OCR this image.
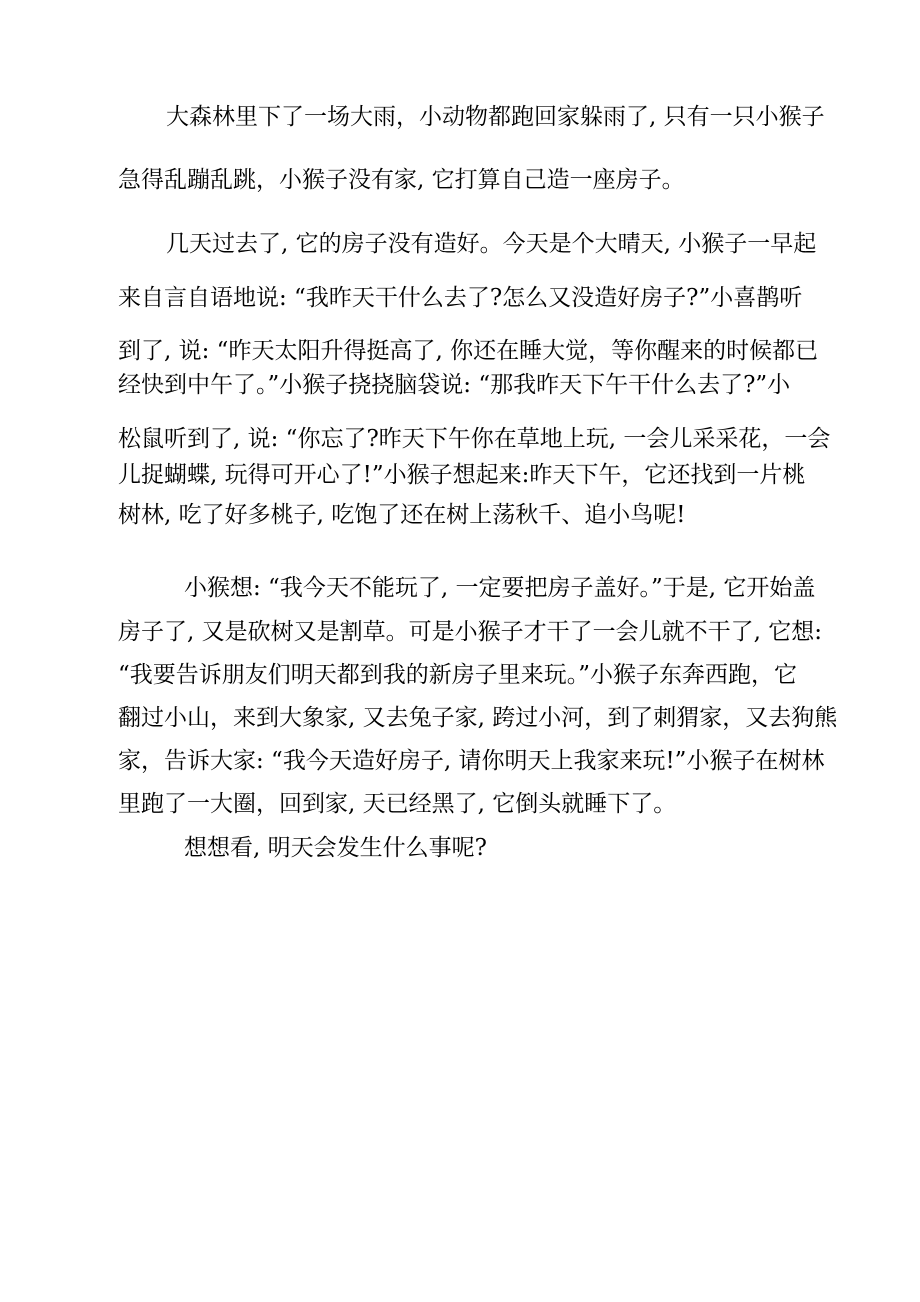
大森林里下了一场大雨，小动物都跑回家躲雨了, 只有一只小猴子
急得乱蹦乱跳，小猴子没有家, 它打算自己造一座房子。
几天过去了, 它的房子没有造好。今天是个大晴天, 小猴子一早起
来自言自语地说: “我昨天干什么去了?怎么又没造好房子?”小喜鹊听
到了, 说: “昨天太阳升得挺高了, 你还在睡大觉，等你醒来的时候都已
经快到中午了。”小猴子挠挠脑袋说: “那我昨天下午干什么去了?”小
松鼠听到了, 说: “你忘了?昨天下午你在草地上玩, 一会儿采采花，一会
儿捉蝴蝶, 玩得可开心了!”小猴子想起来:昨天下午，它还找到一片桃
树林, 吃了好多桃子, 吃饱了还在树上荡秋千、追小鸟呢!
小猴想: “我今天不能玩了, 一定要把房子盖好。”于是, 它开始盖
房子了, 又是砍树又是割草。可是小猴子才干了一会儿就不干了, 它想:
“我要告诉朋友们明天都到我的新房子里来玩。”小猴子东奔西跑，它
翻过小山，来到大象家, 又去兔子家, 跨过小河，到了刺猬家，又去狗熊
家，告诉大家: “我今天造好房子, 请你明天上我家来玩!”小猴子在树林
里跑了一大圈，回到家, 天已经黑了, 它倒头就睡下了。
想想看, 明天会发生什么事呢?
